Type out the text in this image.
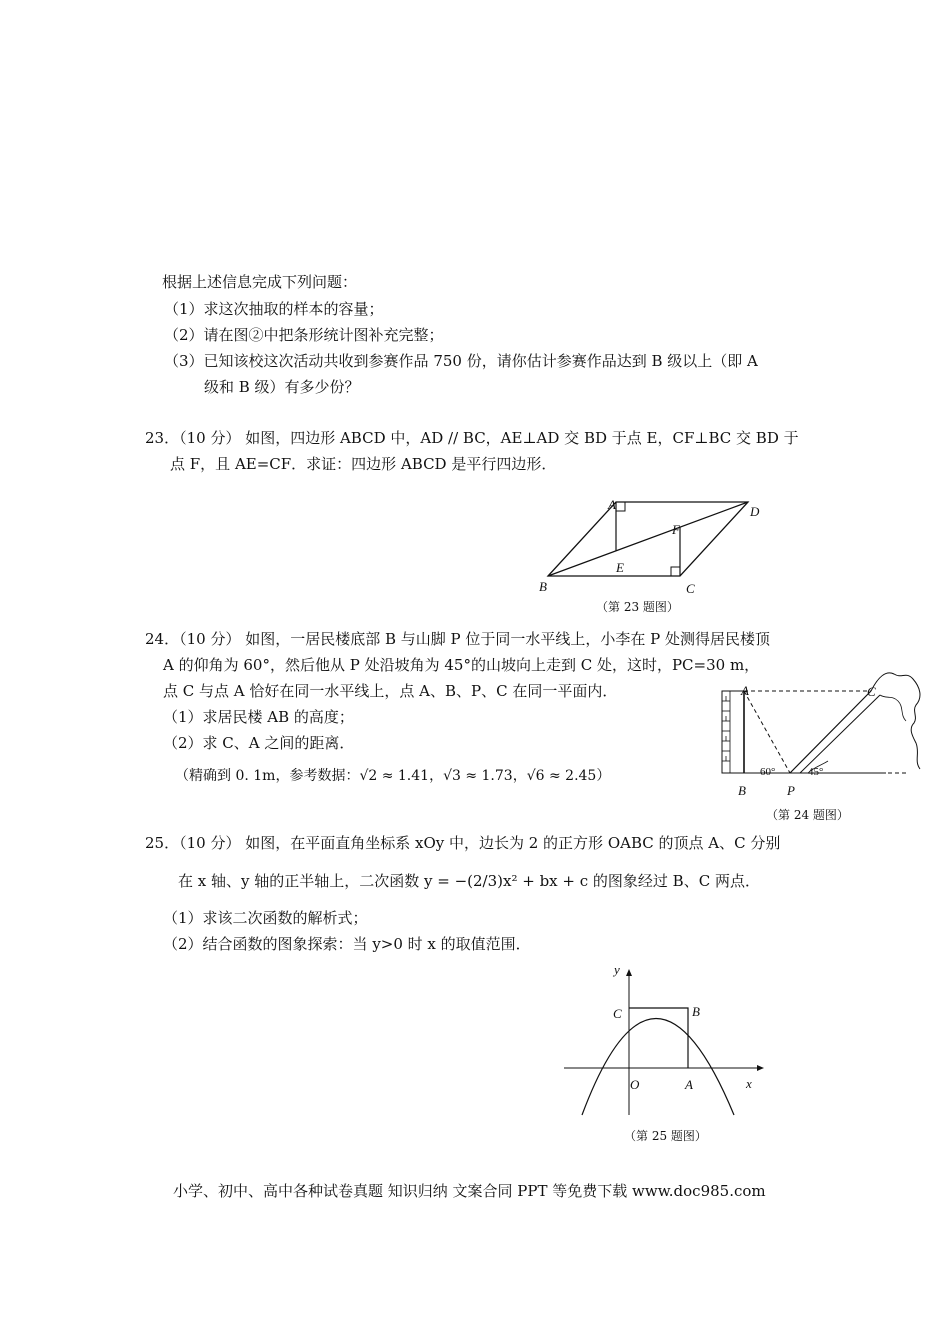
根据上述信息完成下列问题：
（1）求这次抽取的样本的容量；
（2）请在图②中把条形统计图补充完整；
（3）已知该校这次活动共收到参赛作品 750 份，请你估计参赛作品达到 B 级以上（即 A
级和 B 级）有多少份？
23．（10 分） 如图，四边形 ABCD 中，AD // BC，AE⊥AD 交 BD 于点 E，CF⊥BC 交 BD 于
点 F，且 AE=CF．求证：四边形 ABCD 是平行四边形．
A
B	C
D
E
F
（第 23 题图）
24．（10 分） 如图，一居民楼底部 B 与山脚 P 位于同一水平线上，小李在 P 处测得居民楼顶
A 的仰角为 60°，然后他从 P 处沿坡角为 45°的山坡向上走到 C 处，这时，PC=30 m，
点 C 与点 A 恰好在同一水平线上，点 A、B、P、C 在同一平面内．
（1）求居民楼 AB 的高度；
（2）求 C、A 之间的距离．
（精确到 0. 1m，参考数据：√2 ≈ 1.41，√3 ≈ 1.73，√6 ≈ 2.45）
A	C
60°	45°
B	P
（第 24 题图）
25．（10 分） 如图，在平面直角坐标系 xOy 中，边长为 2 的正方形 OABC 的顶点 A、C 分别
在 x 轴、y 轴的正半轴上，二次函数 y = −(2/3)x² + bx + c 的图象经过 B、C 两点．
（1）求该二次函数的解析式；
（2）结合函数的图象探索：当 y>0 时 x 的取值范围．
y
x
O	A
B
C
（第 25 题图）
小学、初中、高中各种试卷真题 知识归纳 文案合同 PPT 等免费下载 www.doc985.com
